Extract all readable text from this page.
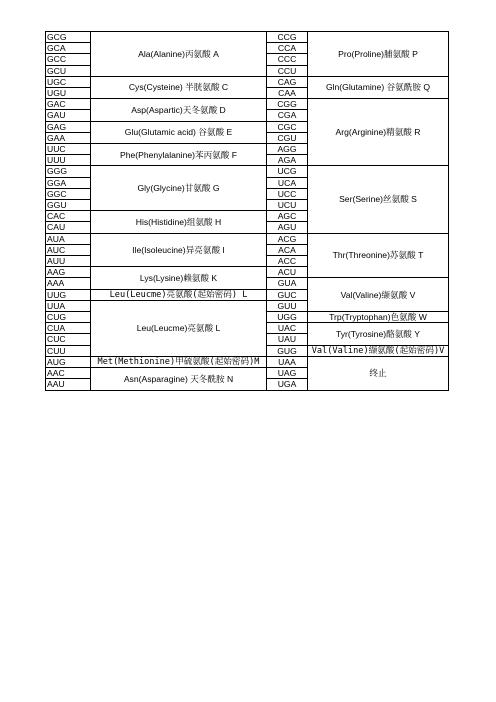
GCG	Ala(Alanine)丙氨酸 A	CCG	Pro(Proline)脯氨酸 P
GCA		CCA	
GCC		CCC	
GCU		CCU	
UGC	Cys(Cysteine) 半胱氨酸 C	CAG	Gln(Glutamine) 谷氨酰胺 Q
UGU		CAA	
GAC	Asp(Aspartic)天冬氨酸 D	CGG	Arg(Arginine)精氨酸 R
GAU		CGA	
GAG	Glu(Glutamic acid) 谷氨酸 E	CGC	
GAA		CGU	
UUC	Phe(Phenylalanine)苯丙氨酸 F	AGG	
UUU		AGA	
GGG	Gly(Glycine)甘氨酸 G	UCG	Ser(Serine)丝氨酸 S
GGA		UCA	
GGC		UCC	
GGU		UCU	
CAC	His(Histidine)组氨酸 H	AGC	
CAU		AGU	
AUA	Ile(Isoleucine)异亮氨酸 I	ACG	Thr(Threonine)苏氨酸 T
AUC		ACA	
AUU		ACC	
AAG	Lys(Lysine)赖氨酸 K	ACU	
AAA		GUA	Val(Valine)缬氨酸 V
UUG	Leu(Leucme)亮氨酸(起始密码) L	GUC	
UUA	Leu(Leucme)亮氨酸 L	GUU	
CUG		UGG	Trp(Tryptophan)色氨酸 W
CUA		UAC	Tyr(Tyrosine)酪氨酸 Y
CUC		UAU	
CUU		GUG	Val(Valine)缬氨酸(起始密码)V
AUG	Met(Methionine)甲硫氨酸(起始密码)M	UAA	终止
AAC	Asn(Asparagine) 天冬酰胺 N	UAG	
AAU		UGA	
